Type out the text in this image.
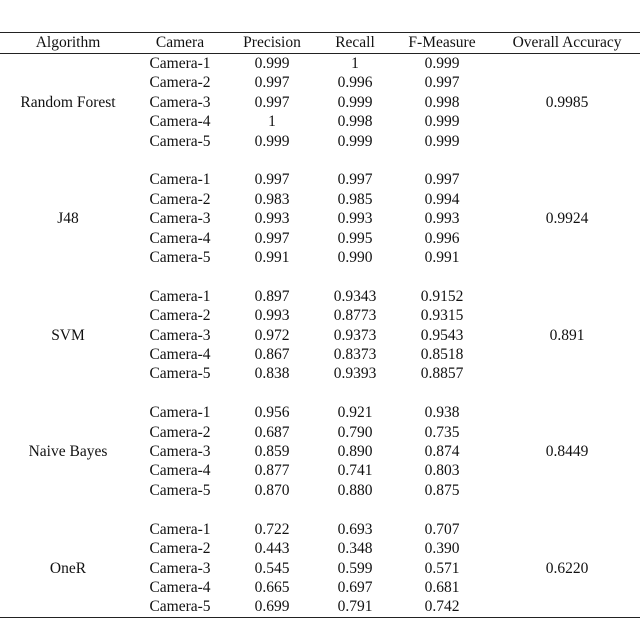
Algorithm	Camera	Precision	Recall	F-Measure	Overall Accuracy
Random Forest	Camera-1	0.999	1	0.999	0.9985
	Camera-2	0.997	0.996	0.997	
	Camera-3	0.997	0.999	0.998	
	Camera-4	1	0.998	0.999	
	Camera-5	0.999	0.999	0.999	

J48	Camera-1	0.997	0.997	0.997	0.9924
	Camera-2	0.983	0.985	0.994	
	Camera-3	0.993	0.993	0.993	
	Camera-4	0.997	0.995	0.996	
	Camera-5	0.991	0.990	0.991	

SVM	Camera-1	0.897	0.9343	0.9152	0.891
	Camera-2	0.993	0.8773	0.9315	
	Camera-3	0.972	0.9373	0.9543	
	Camera-4	0.867	0.8373	0.8518	
	Camera-5	0.838	0.9393	0.8857	

Naive Bayes	Camera-1	0.956	0.921	0.938	0.8449
	Camera-2	0.687	0.790	0.735	
	Camera-3	0.859	0.890	0.874	
	Camera-4	0.877	0.741	0.803	
	Camera-5	0.870	0.880	0.875	

OneR	Camera-1	0.722	0.693	0.707	0.6220
	Camera-2	0.443	0.348	0.390	
	Camera-3	0.545	0.599	0.571	
	Camera-4	0.665	0.697	0.681	
	Camera-5	0.699	0.791	0.742	
